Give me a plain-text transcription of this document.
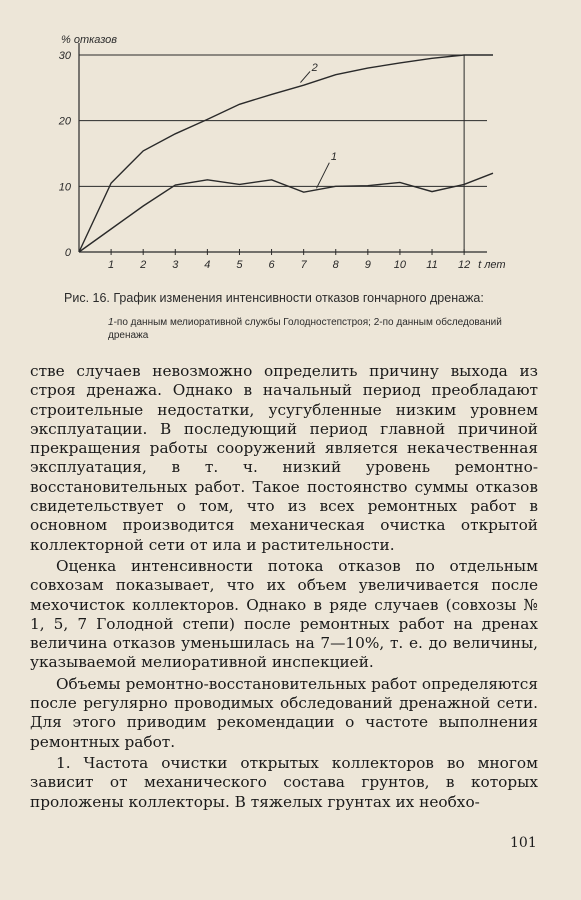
1 2 3 4 5 6 7 8 9 10 11 12
0
10
20
30
% отказов
t лет
1
2
Рис. 16. График изменения интенсивности отказов гончарного дренажа:
1-по данным мелиоративной службы Голоднoстепстроя; 2-по данным обследований дренажа

стве случаев невозможно определить причину выхода из строя дренажа. Однако в начальный период преобладают строительные недостатки, усугубленные низким уровнем эксплуатации. В последующий период главной причиной прекращения работы сооружений является некачественная эксплуатация, в т. ч. низкий уровень ремонтно-восстановительных работ. Такое постоянство суммы отказов свидетельствует о том, что из всех ремонтных работ в основном производится механическая очистка открытой коллекторной сети от ила и растительности.

Оценка интенсивности потока отказов по отдельным совхозам показывает, что их объем увеличивается после мехочисток коллекторов. Однако в ряде случаев (совхозы № 1, 5, 7 Голодной степи) после ремонтных работ на дренах величина отказов уменьшилась на 7—10%, т. е. до величины, указываемой мелиоративной инспекцией.

Объемы ремонтно-восстановительных работ определяются после регулярно проводимых обследований дренажной сети. Для этого приводим рекомендации о частоте выполнения ремонтных работ.

1. Частота очистки открытых коллекторов во многом зависит от механического состава грунтов, в которых проложены коллекторы. В тяжелых грунтах их необхо-

101
